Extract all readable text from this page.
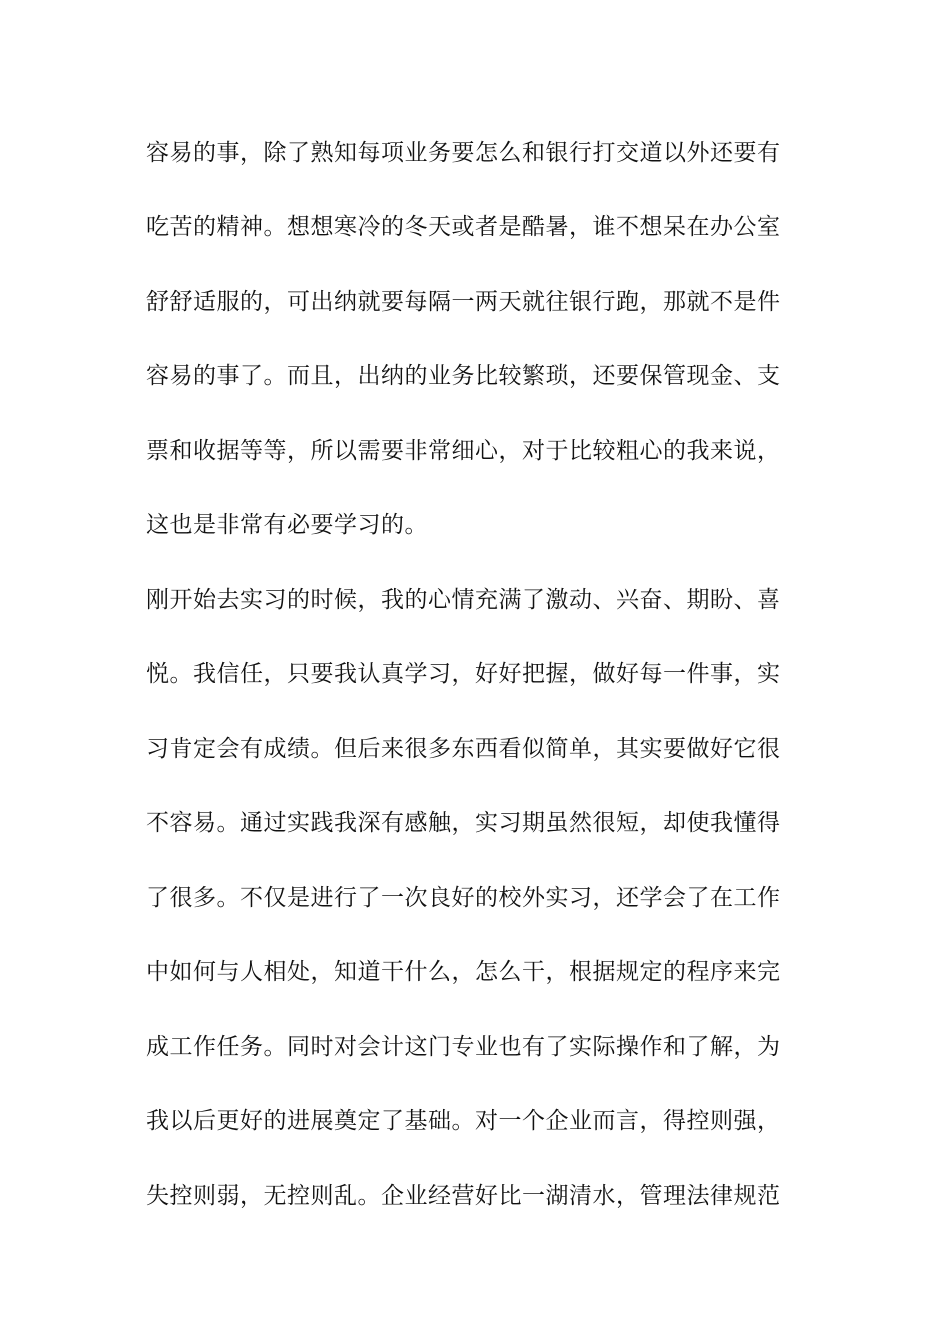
容易的事，除了熟知每项业务要怎么和银行打交道以外还要有
吃苦的精神。想想寒冷的冬天或者是酷暑，谁不想呆在办公室
舒舒适服的，可出纳就要每隔一两天就往银行跑，那就不是件
容易的事了。而且，出纳的业务比较繁琐，还要保管现金、支
票和收据等等，所以需要非常细心，对于比较粗心的我来说，
这也是非常有必要学习的。
刚开始去实习的时候，我的心情充满了激动、兴奋、期盼、喜
悦。我信任，只要我认真学习，好好把握，做好每一件事，实
习肯定会有成绩。但后来很多东西看似简单，其实要做好它很
不容易。通过实践我深有感触，实习期虽然很短，却使我懂得
了很多。不仅是进行了一次良好的校外实习，还学会了在工作
中如何与人相处，知道干什么，怎么干，根据规定的程序来完
成工作任务。同时对会计这门专业也有了实际操作和了解，为
我以后更好的进展奠定了基础。对一个企业而言，得控则强，
失控则弱，无控则乱。企业经营好比一湖清水，管理法律规范
